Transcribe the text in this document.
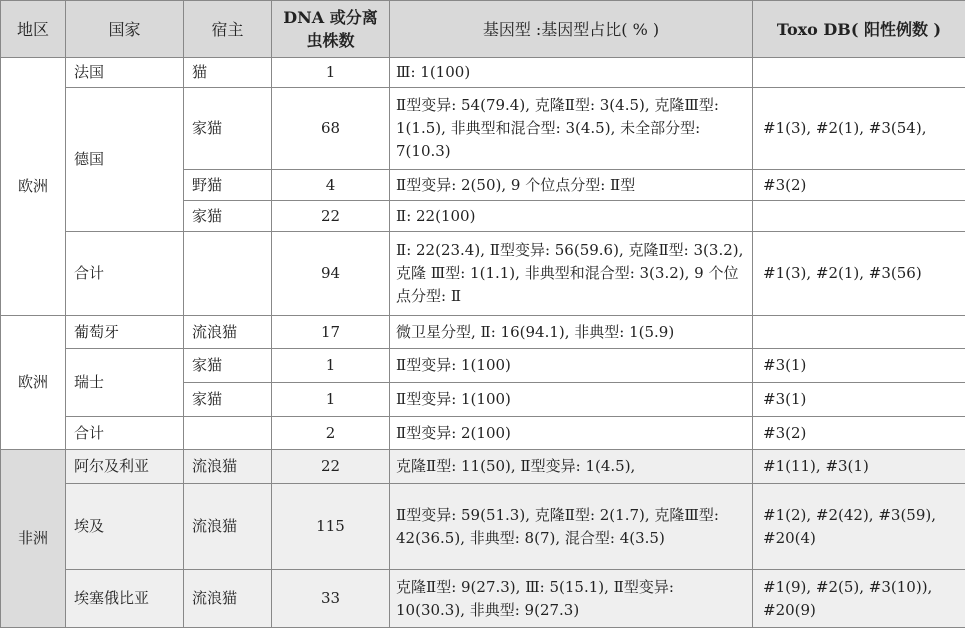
地区	国家	宿主	DNA 或分离虫株数	基因型 :基因型占比( % )	Toxo DB( 阳性例数 )
欧洲	法国	猫	1	Ⅲ: 1(100)	
	德国	家猫	68	Ⅱ型变异: 54(79.4), 克隆Ⅱ型: 3(4.5), 克隆Ⅲ型: 1(1.5), 非典型和混合型: 3(4.5), 未全部分型: 7(10.3)	#1(3), #2(1), #3(54),
		野猫	4	Ⅱ型变异: 2(50), 9 个位点分型: Ⅱ型	#3(2)
		家猫	22	Ⅱ: 22(100)	
	合计		94	Ⅱ: 22(23.4), Ⅱ型变异: 56(59.6), 克隆Ⅱ型: 3(3.2), 克隆 Ⅲ型: 1(1.1), 非典型和混合型: 3(3.2), 9 个位点分型: Ⅱ	#1(3), #2(1), #3(56)
欧洲	葡萄牙	流浪猫	17	微卫星分型, Ⅱ: 16(94.1), 非典型: 1(5.9)	
	瑞士	家猫	1	Ⅱ型变异: 1(100)	#3(1)
		家猫	1	Ⅱ型变异: 1(100)	#3(1)
	合计		2	Ⅱ型变异: 2(100)	#3(2)
非洲	阿尔及利亚	流浪猫	22	克隆Ⅱ型: 11(50), Ⅱ型变异: 1(4.5),	#1(11), #3(1)
	埃及	流浪猫	115	Ⅱ型变异: 59(51.3), 克隆Ⅱ型: 2(1.7), 克隆Ⅲ型: 42(36.5), 非典型: 8(7), 混合型: 4(3.5)	#1(2), #2(42), #3(59), #20(4)
	埃塞俄比亚	流浪猫	33	克隆Ⅱ型: 9(27.3), Ⅲ: 5(15.1), Ⅱ型变异: 10(30.3), 非典型: 9(27.3)	#1(9), #2(5), #3(10)), #20(9)
